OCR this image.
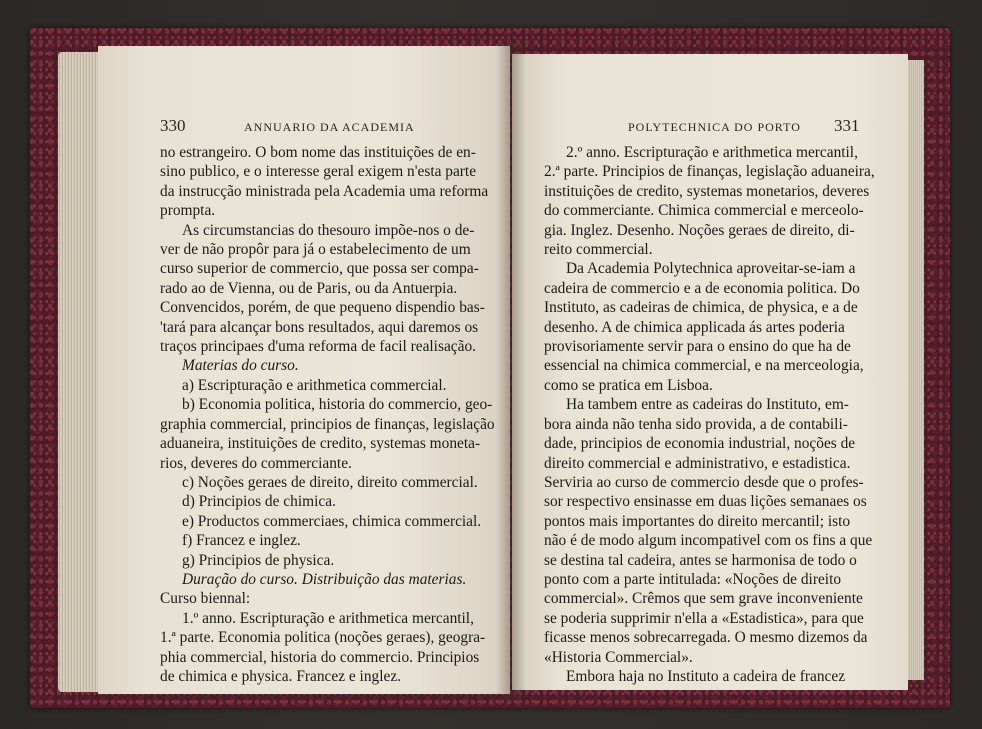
330	ANNUARIO DA ACADEMIA	POLYTECHNICA DO PORTO 331
no estrangeiro. O bom nome das instituições de en-
sino publico, e o interesse geral exigem n'esta parte
da instrucção ministrada pela Academia uma reforma
prompta.
As circumstancias do thesouro impõe-nos o de-
ver de não propôr para já o estabelecimento de um
curso superior de commercio, que possa ser compa-
rado ao de Vienna, ou de Paris, ou da Antuerpia.
Convencidos, porém, de que pequeno dispendio bas-
'tará para alcançar bons resultados, aqui daremos os
traços principaes d'uma reforma de facil realisação.
Materias do curso.
a) Escripturação e arithmetica commercial.
b) Economia politica, historia do commercio, geo-
graphia commercial, principios de finanças, legislação
aduaneira, instituições de credito, systemas moneta-
rios, deveres do commerciante.
c) Noções geraes de direito, direito commercial.
d) Principios de chimica.
e) Productos commerciaes, chimica commercial.
f) Francez e inglez.
g) Principios de physica.
Duração do curso. Distribuição das materias.
Curso biennal:
1.º anno. Escripturação e arithmetica mercantil,
1.ª parte. Economia politica (noções geraes), geogra-
phia commercial, historia do commercio. Principios
de chimica e physica. Francez e inglez.
2.º anno. Escripturação e arithmetica mercantil,
2.ª parte. Principios de finanças, legislação aduaneira,
instituições de credito, systemas monetarios, deveres
do commerciante. Chimica commercial e merceolo-
gia. Inglez. Desenho. Noções geraes de direito, di-
reito commercial.
Da Academia Polytechnica aproveitar-se-iam a
cadeira de commercio e a de economia politica. Do
Instituto, as cadeiras de chimica, de physica, e a de
desenho. A de chimica applicada ás artes poderia
provisoriamente servir para o ensino do que ha de
essencial na chimica commercial, e na merceologia,
como se pratica em Lisboa.
Ha tambem entre as cadeiras do Instituto, em-
bora ainda não tenha sido provida, a de contabili-
dade, principios de economia industrial, noções de
direito commercial e administrativo, e estadistica.
Serviria ao curso de commercio desde que o profes-
sor respectivo ensinasse em duas lições semanaes os
pontos mais importantes do direito mercantil; isto
não é de modo algum incompativel com os fins a que
se destina tal cadeira, antes se harmonisa de todo o
ponto com a parte intitulada: «Noções de direito
commercial». Crêmos que sem grave inconveniente
se poderia supprimir n'ella a «Estadistica», para que
ficasse menos sobrecarregada. O mesmo dizemos da
«Historia Commercial».
Embora haja no Instituto a cadeira de francez
